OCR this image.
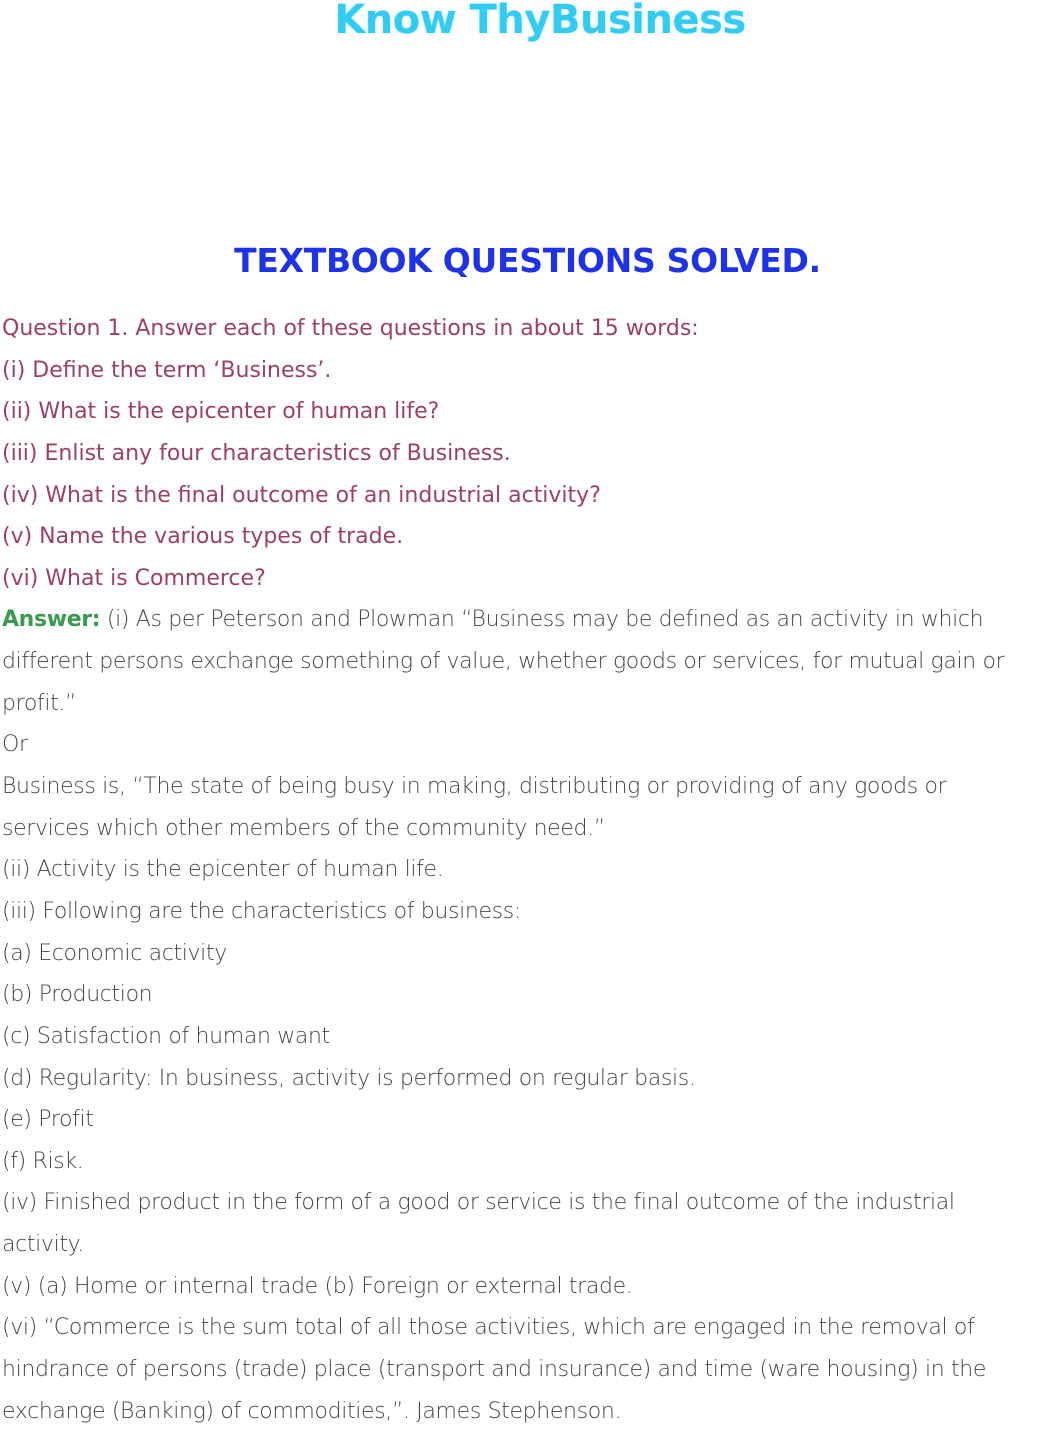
Know ThyBusiness
TEXTBOOK QUESTIONS SOLVED.
Question 1. Answer each of these questions in about 15 words:
(i) Define the term ‘Business’.
(ii) What is the epicenter of human life?
(iii) Enlist any four characteristics of Business.
(iv) What is the final outcome of an industrial activity?
(v) Name the various types of trade.
(vi) What is Commerce?
Answer: (i) As per Peterson and Plowman “Business may be defined as an activity in which
different persons exchange something of value, whether goods or services, for mutual gain or
profit.”
Or
Business is, “The state of being busy in making, distributing or providing of any goods or
services which other members of the community need.”
(ii) Activity is the epicenter of human life.
(iii) Following are the characteristics of business:
(a) Economic activity
(b) Production
(c) Satisfaction of human want
(d) Regularity: In business, activity is performed on regular basis.
(e) Profit
(f) Risk.
(iv) Finished product in the form of a good or service is the final outcome of the industrial
activity.
(v) (a) Home or internal trade (b) Foreign or external trade.
(vi) “Commerce is the sum total of all those activities, which are engaged in the removal of
hindrance of persons (trade) place (transport and insurance) and time (ware housing) in the
exchange (Banking) of commodities,”. James Stephenson.
